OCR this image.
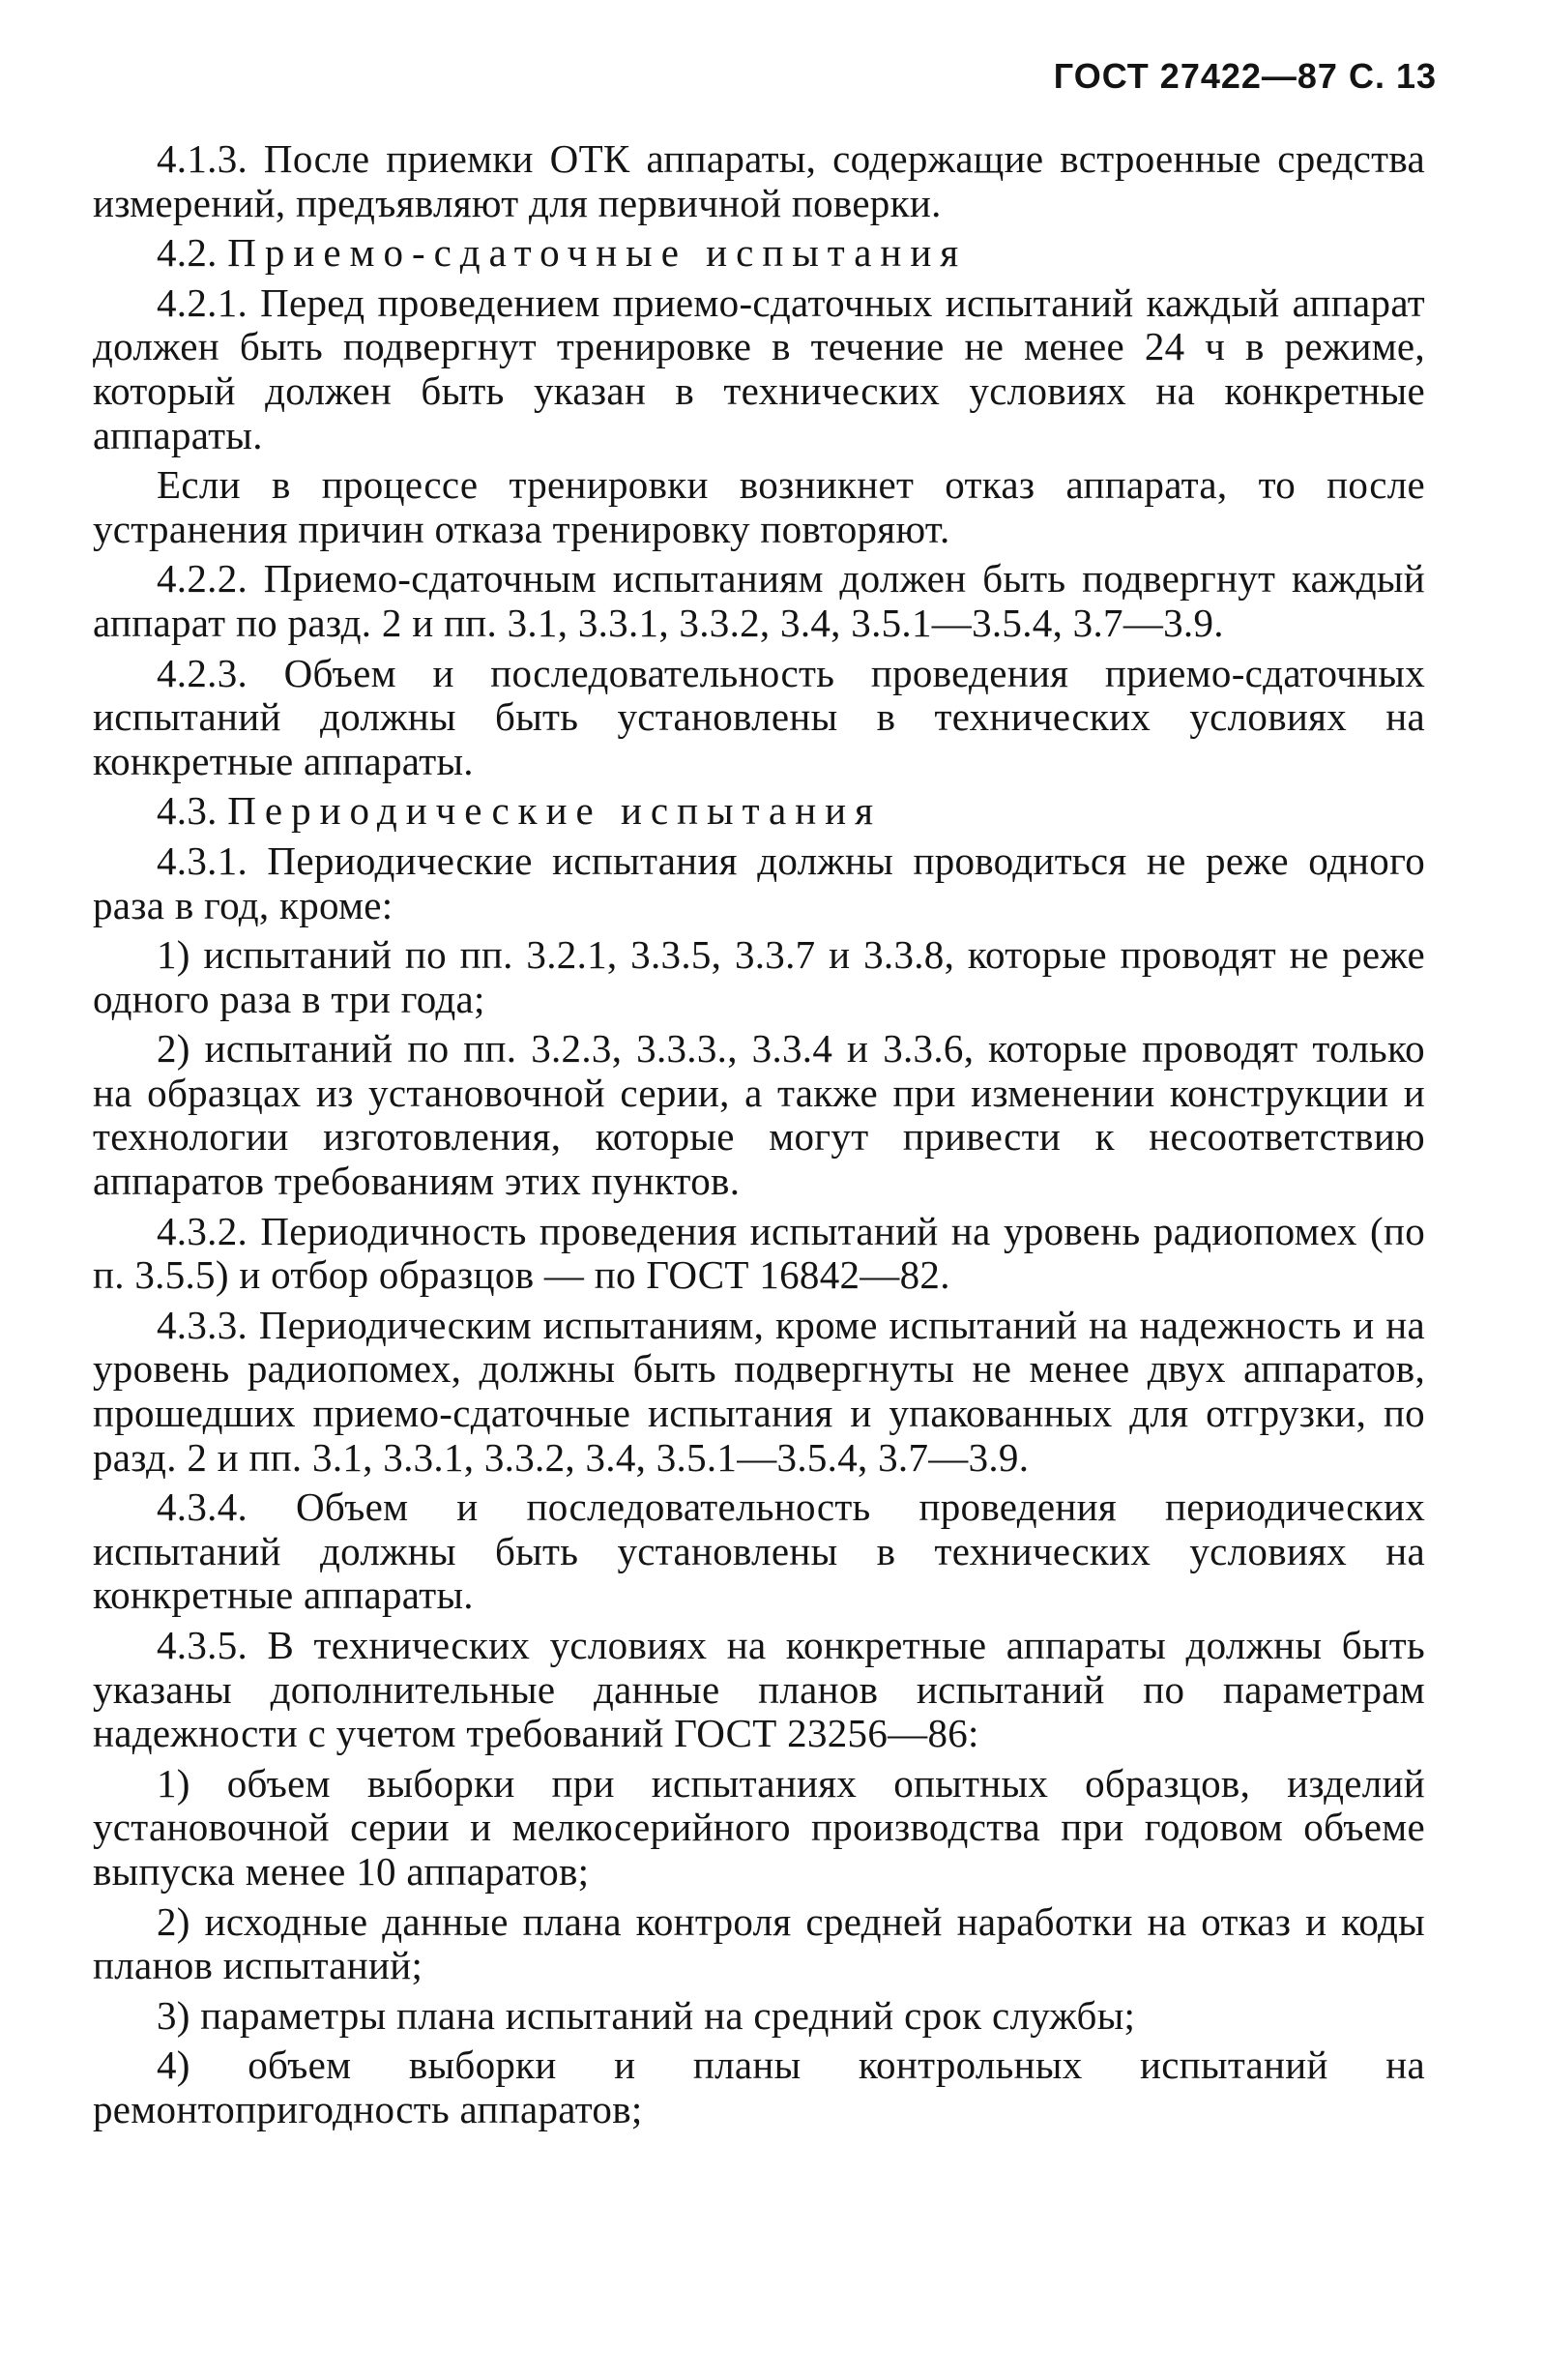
ГОСТ 27422—87 С. 13

4.1.3. После приемки ОТК аппараты, содержащие встроенные средства измерений, предъявляют для первичной поверки.

4.2. Приемо-сдаточные испытания

4.2.1. Перед проведением приемо-сдаточных испытаний каждый аппарат должен быть подвергнут тренировке в течение не менее 24 ч в режиме, который должен быть указан в технических условиях на конкретные аппараты.

Если в процессе тренировки возникнет отказ аппарата, то после устранения причин отказа тренировку повторяют.

4.2.2. Приемо-сдаточным испытаниям должен быть подвергнут каждый аппарат по разд. 2 и пп. 3.1, 3.3.1, 3.3.2, 3.4, 3.5.1—3.5.4, 3.7—3.9.

4.2.3. Объем и последовательность проведения приемо-сдаточных испытаний должны быть установлены в технических условиях на конкретные аппараты.

4.3. Периодические испытания

4.3.1. Периодические испытания должны проводиться не реже одного раза в год, кроме:

1) испытаний по пп. 3.2.1, 3.3.5, 3.3.7 и 3.3.8, которые проводят не реже одного раза в три года;

2) испытаний по пп. 3.2.3, 3.3.3., 3.3.4 и 3.3.6, которые проводят только на образцах из установочной серии, а также при изменении конструкции и технологии изготовления, которые могут привести к несоответствию аппаратов требованиям этих пунктов.

4.3.2. Периодичность проведения испытаний на уровень радиопомех (по п. 3.5.5) и отбор образцов — по ГОСТ 16842—82.

4.3.3. Периодическим испытаниям, кроме испытаний на надежность и на уровень радиопомех, должны быть подвергнуты не менее двух аппаратов, прошедших приемо-сдаточные испытания и упакованных для отгрузки, по разд. 2 и пп. 3.1, 3.3.1, 3.3.2, 3.4, 3.5.1—3.5.4, 3.7—3.9.

4.3.4. Объем и последовательность проведения периодических испытаний должны быть установлены в технических условиях на конкретные аппараты.

4.3.5. В технических условиях на конкретные аппараты должны быть указаны дополнительные данные планов испытаний по параметрам надежности с учетом требований ГОСТ 23256—86:

1) объем выборки при испытаниях опытных образцов, изделий установочной серии и мелкосерийного производства при годовом объеме выпуска менее 10 аппаратов;

2) исходные данные плана контроля средней наработки на отказ и коды планов испытаний;

3) параметры плана испытаний на средний срок службы;

4) объем выборки и планы контрольных испытаний на ремонтопригодность аппаратов;
